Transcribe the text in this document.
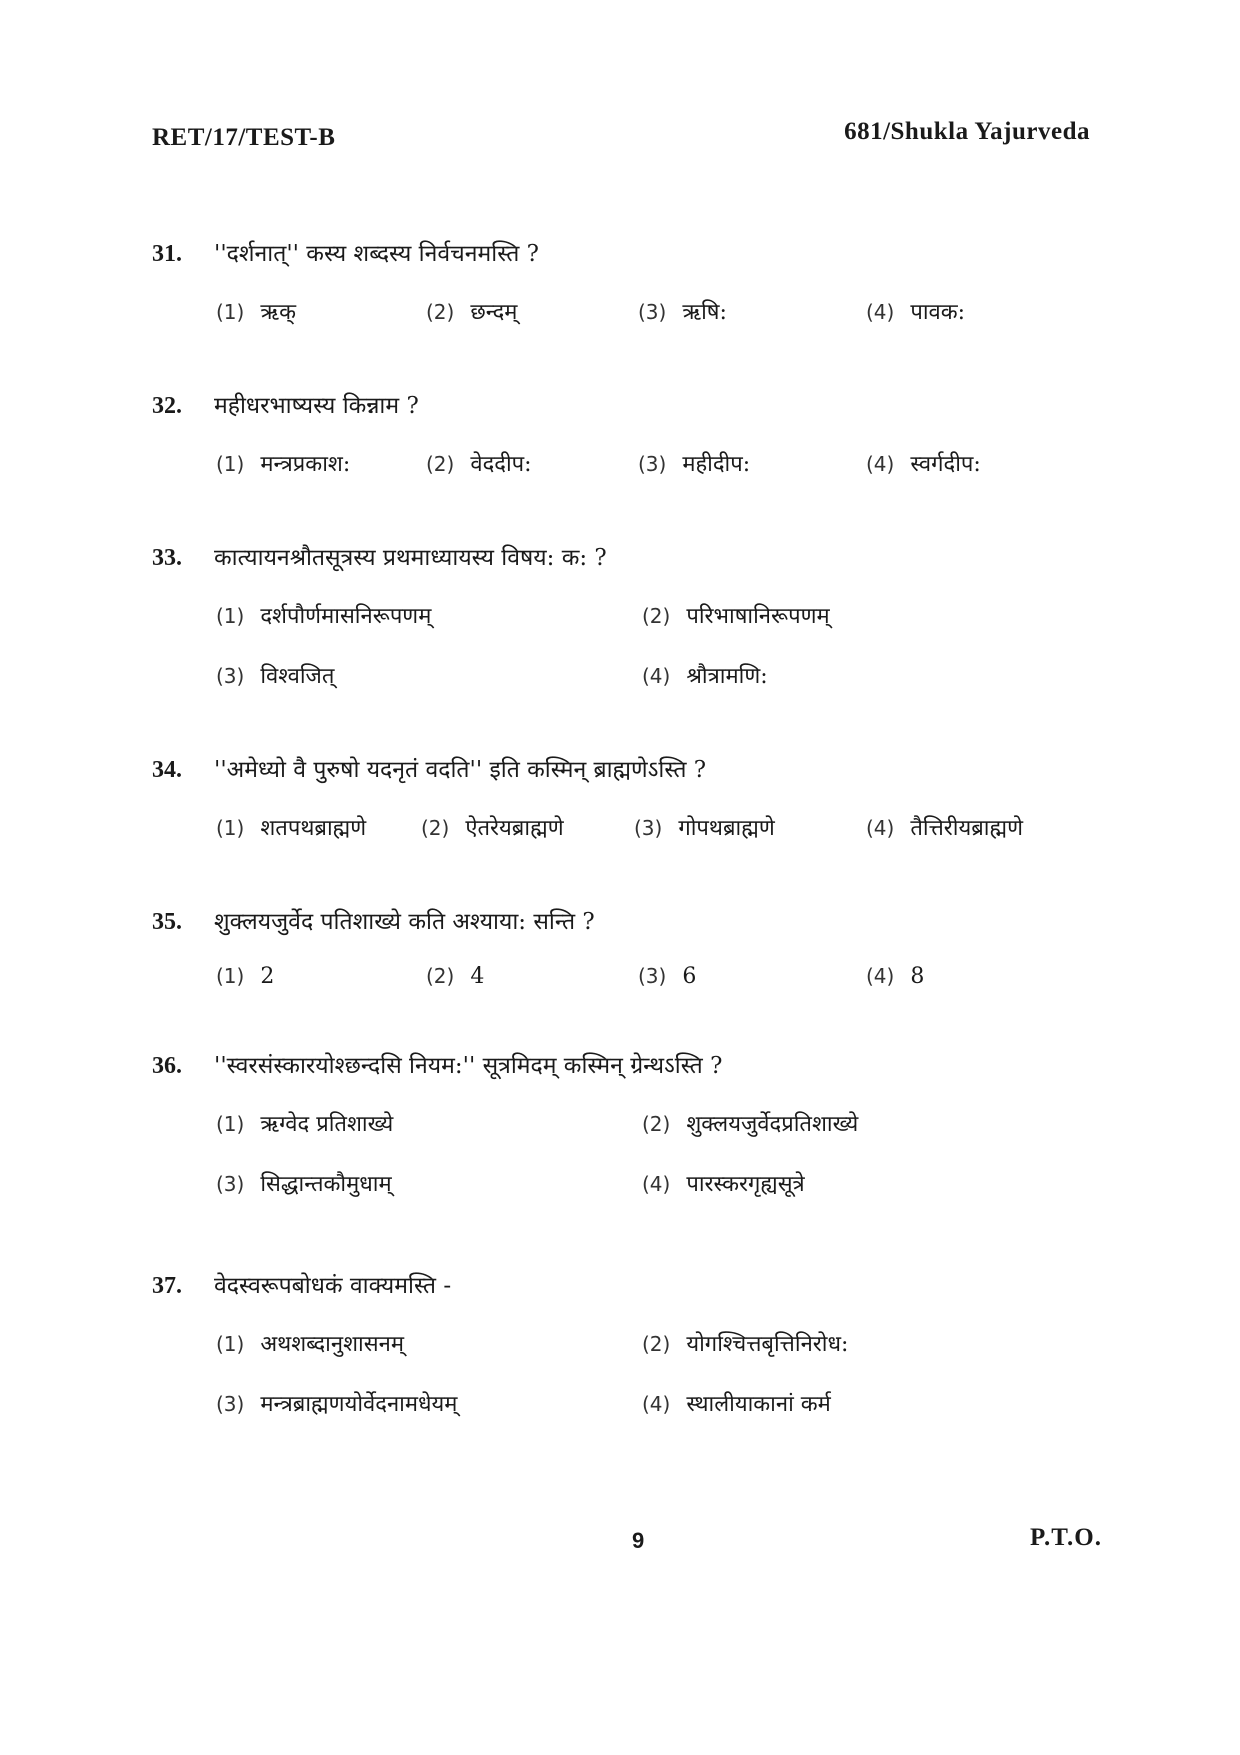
RET/17/TEST-B	681/Shukla Yajurveda
31.	''दर्शनात्'' कस्य शब्दस्य निर्वचनमस्ति ?
(1) ऋक्	(2) छन्दम्	(3) ऋषि:	(4) पावक:
32.	महीधरभाष्यस्य किन्नाम ?
(1) मन्त्रप्रकाश:	(2) वेददीप:	(3) महीदीप:	(4) स्वर्गदीप:
33.	कात्यायनश्रौतसूत्रस्य प्रथमाध्यायस्य विषय: क: ?
(1) दर्शपौर्णमासनिरूपणम्	(2) परिभाषानिरूपणम्
(3) विश्वजित्	(4) श्रौत्रामणि:
34.	''अमेध्यो वै पुरुषो यदनृतं वदति'' इति कस्मिन् ब्राह्मणेऽस्ति ?
(1) शतपथब्राह्मणे	(2) ऐतरेयब्राह्मणे	(3) गोपथब्राह्मणे	(4) तैत्तिरीयब्राह्मणे
35.	शुक्लयजुर्वेद पतिशाख्ये कति अश्याया: सन्ति ?
(1) 2	(2) 4	(3) 6	(4) 8
36.	''स्वरसंस्कारयोश्छन्दसि नियम:'' सूत्रमिदम् कस्मिन् ग्रेन्थऽस्ति ?
(1) ऋग्वेद प्रतिशाख्ये	(2) शुक्लयजुर्वेदप्रतिशाख्ये
(3) सिद्धान्तकौमुधाम्	(4) पारस्करगृह्यसूत्रे
37.	वेदस्वरूपबोधकं वाक्यमस्ति -
(1) अथशब्दानुशासनम्	(2) योगश्चित्तबृत्तिनिरोध:
(3) मन्त्रब्राह्मणयोर्वेदनामधेयम्	(4) स्थालीयाकानां कर्म
9	P.T.O.
